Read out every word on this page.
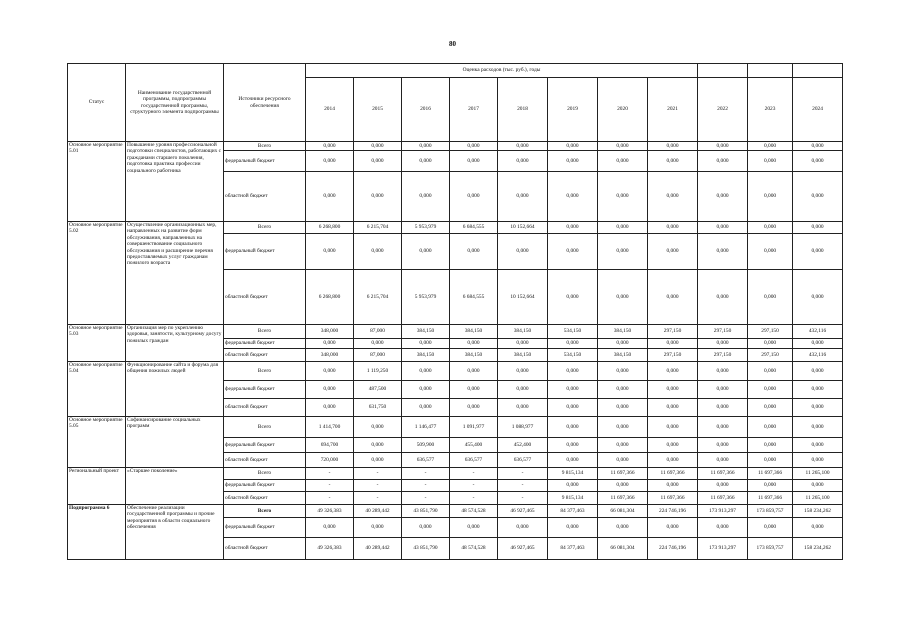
80
Статус	Наименование государственной программы, подпрограммы государственной программы, структурного элемента подпрограммы	Источники ресурсного обеспечения	Оценка расходов (тыс. руб.), годы										
			2014	2015	2016	2017	2018	2019	2020	2021	2022	2023	2024
Основное мероприятие 5.01	Повышение уровня профессиональной подготовки специалистов, работающих с гражданами старшего поколения, подготовка практика профессии социального работника	Всего	0,000	0,000	0,000	0,000	0,000	0,000	0,000	0,000	0,000	0,000	0,000
		федеральный бюджет	0,000	0,000	0,000	0,000	0,000	0,000	0,000	0,000	0,000	0,000	0,000
		областной бюджет	0,000	0,000	0,000	0,000	0,000	0,000	0,000	0,000	0,000	0,000	0,000
Основное мероприятие 5.02	Осуществление организационных мер, направленных на развитие форм обслуживания, направленных на совершенствование социального обслуживания и расширение перечня предоставляемых услуг гражданам пожилого возраста	Всего	6 268,800	6 215,704	5 953,979	6 684,555	10 152,664	0,000	0,000	0,000	0,000	0,000	0,000
		федеральный бюджет	0,000	0,000	0,000	0,000	0,000	0,000	0,000	0,000	0,000	0,000	0,000
		областной бюджет	6 268,800	6 215,704	5 953,979	6 684,555	10 152,664	0,000	0,000	0,000	0,000	0,000	0,000
Основное мероприятие 5.03	Организация мер по укреплению здоровья, занятости, культурному досугу пожилых граждан	Всего	348,000	87,000	384,150	384,150	384,150	534,150	384,150	297,150	297,150	297,150	432,116
		федеральный бюджет	0,000	0,000	0,000	0,000	0,000	0,000	0,000	0,000	0,000	0,000	0,000
		областной бюджет	348,000	87,000	384,150	384,150	384,150	534,150	384,150	297,150	297,150	297,150	432,116
Основное мероприятие 5.04	Функционирование сайта и форума для общения пожилых людей	Всего	0,000	1 119,250	0,000	0,000	0,000	0,000	0,000	0,000	0,000	0,000	0,000
		федеральный бюджет	0,000	487,500	0,000	0,000	0,000	0,000	0,000	0,000	0,000	0,000	0,000
		областной бюджет	0,000	631,750	0,000	0,000	0,000	0,000	0,000	0,000	0,000	0,000	0,000
Основное мероприятие 5.05	Софинансирование социальных программ	Всего	1 414,700	0,000	1 146,477	1 091,977	1 088,977	0,000	0,000	0,000	0,000	0,000	0,000
		федеральный бюджет	694,700	0,000	509,900	455,400	452,400	0,000	0,000	0,000	0,000	0,000	0,000
		областной бюджет	720,000	0,000	636,577	636,577	636,577	0,000	0,000	0,000	0,000	0,000	0,000
Региональный проект	«Старшее поколение»	Всего	-	-	-	-	-	9 815,134	11 697,366	11 697,366	11 697,366	11 697,366	11 265,100
		федеральный бюджет	-	-	-	-	-	0,000	0,000	0,000	0,000	0,000	0,000
		областной бюджет	-	-	-	-	-	9 815,134	11 697,366	11 697,366	11 697,366	11 697,366	11 265,100
Подпрограмма 6	Обеспечение реализации государственной программы и прочие мероприятия в области социального обеспечения	Всего	49 326,383	40 289,442	43 851,790	48 574,528	46 927,465	84 377,463	66 081,304	224 746,196	173 913,297	173 859,757	158 234,262
		федеральный бюджет	0,000	0,000	0,000	0,000	0,000	0,000	0,000	0,000	0,000	0,000	0,000
		областной бюджет	49 326,383	40 289,442	43 851,790	48 574,528	46 927,465	84 377,463	66 081,304	224 746,196	173 913,297	173 859,757	158 234,262
